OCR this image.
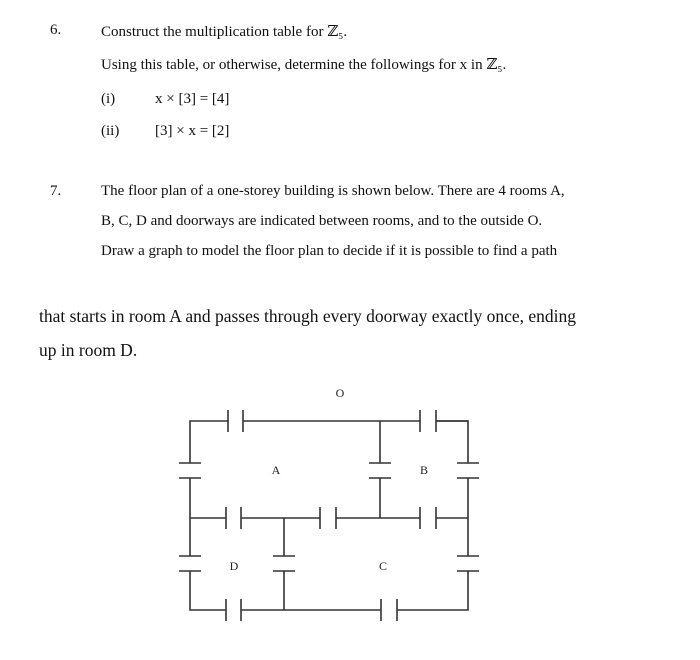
6.	Construct the multiplication table for ℤ₅.
Using this table, or otherwise, determine the followings for x in ℤ₅.
(i)	x × [3] = [4]
(ii) [3] × x = [2]
7.	The floor plan of a one-storey building is shown below. There are 4 rooms A,
B, C, D and doorways are indicated between rooms, and to the outside O.
Draw a graph to model the floor plan to decide if it is possible to find a path
that starts in room A and passes through every doorway exactly once, ending
up in room D.
O
A	B
C
D
